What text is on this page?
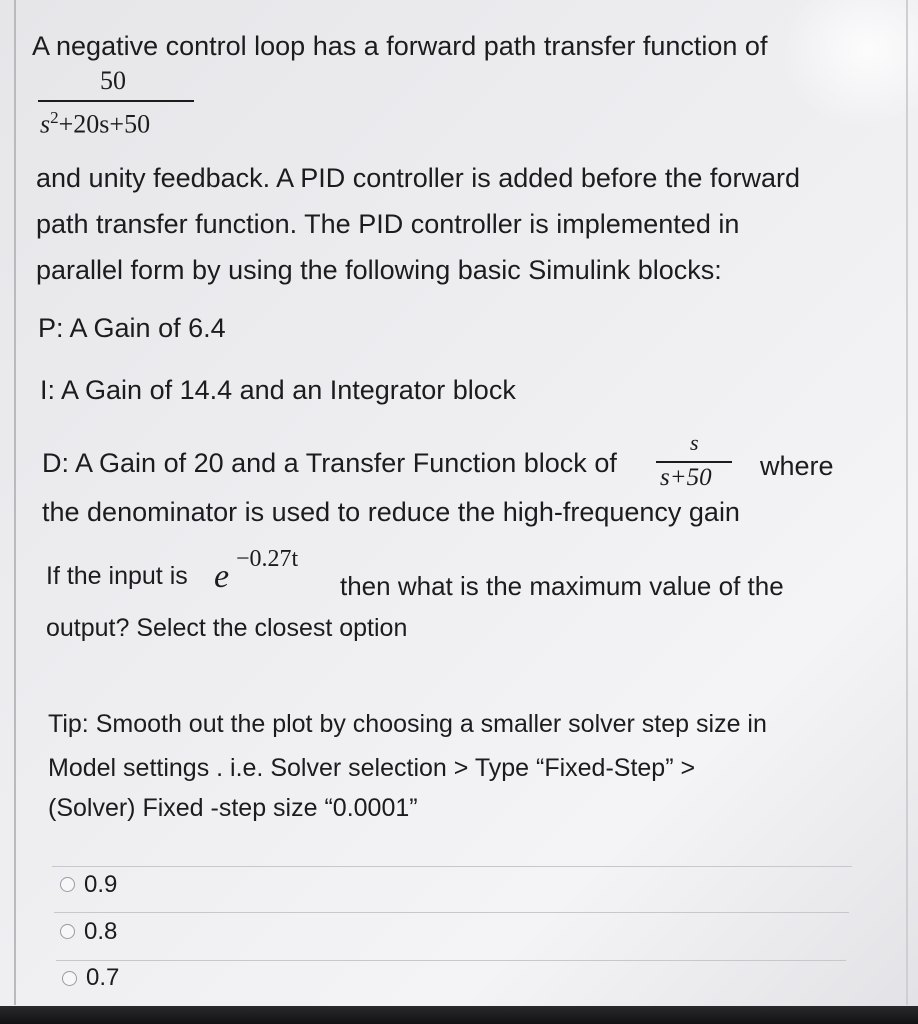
A negative control loop has a forward path transfer function of
50
$s^2+20s+50$
and unity feedback. A PID controller is added before the forward
path transfer function. The PID controller is implemented in
parallel form by using the following basic Simulink blocks:
P: A Gain of 6.4
I: A Gain of 14.4 and an Integrator block
D: A Gain of 20 and a Transfer Function block of
s
s+50 where
the denominator is used to reduce the high-frequency gain
If the input is e −0.27t
then what is the maximum value of the
output? Select the closest option
Tip: Smooth out the plot by choosing a smaller solver step size in
Model settings . i.e. Solver selection > Type “Fixed-Step” >
(Solver) Fixed -step size “0.0001”
0.9
0.8
0.7
